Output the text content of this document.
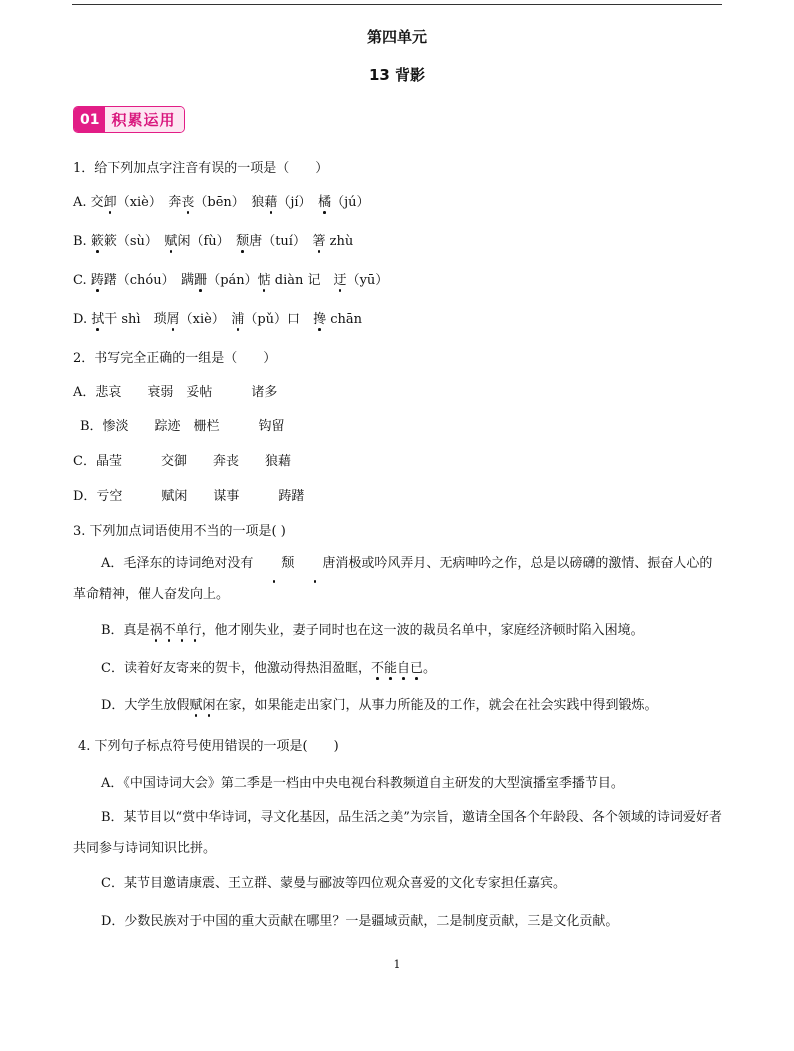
第四单元
13 背影
01 积累运用
1．给下列加点字注音有误的一项是（　　）
A. 交卸（xiè）　 奔丧（bēn）　 狼藉（jí）　 橘（jú）
B. 簌簌（sù）　 赋闲（fù）　 颓唐（tuí）　 箸 zhù
C. 踌躇（chóu）　 蹒跚（pán）惦 diàn 记　 迂（yū）
D. 拭干 shì　 琐屑（xiè）　 浦（pǔ）口　 搀 chān
2．书写完全正确的一组是（　　）
A．悲哀　　衰弱　妥帖　　　诸多
B．惨淡　　踪迹　栅栏　　　钩留
C．晶莹　　　交御　　奔丧　　狼藉
D．亏空　　　赋闲　　谋事　　　踌躇
3. 下列加点词语使用不当的一项是( )
A．毛泽东的诗词绝对没有 颓 唐消极或吟风弄月、无病呻吟之作，总是以磅礴的激情、振奋人心的革命精神，催人奋发向上。
B．真是祸不单行，他才刚失业，妻子同时也在这一波的裁员名单中，家庭经济顿时陷入困境。
C．读着好友寄来的贺卡，他激动得热泪盈眶，不能自已。
D．大学生放假赋闲在家，如果能走出家门，从事力所能及的工作，就会在社会实践中得到锻炼。
4. 下列句子标点符号使用错误的一项是(　　)
A．《中国诗词大会》第二季是一档由中央电视台科教频道自主研发的大型演播室季播节目。
B．某节目以“赏中华诗词，寻文化基因，品生活之美”为宗旨，邀请全国各个年龄段、各个领域的诗词爱好者共同参与诗词知识比拼。
C．某节目邀请康震、王立群、蒙曼与郦波等四位观众喜爱的文化专家担任嘉宾。
D．少数民族对于中国的重大贡献在哪里？一是疆域贡献，二是制度贡献，三是文化贡献。
1
